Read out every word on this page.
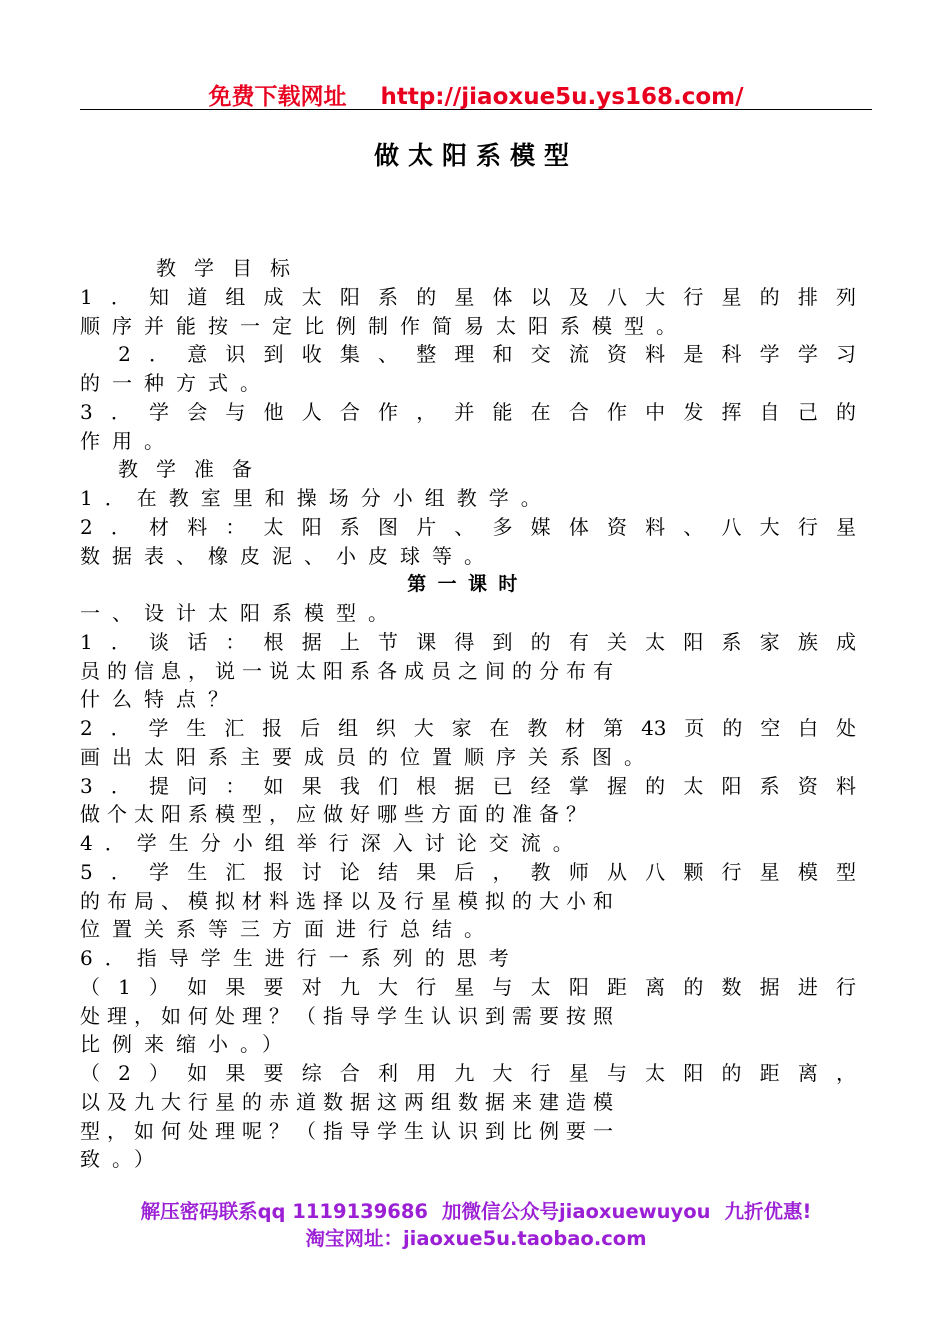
免费下载网址 http://jiaoxue5u.ys168.com/
做太阳系模型
　　教学目标
1．知道组成太阳系的星体以及八大行星的排列
顺序并能按一定比例制作简易太阳系模型。
　2．意识到收集、整理和交流资料是科学学习
的一种方式。
3．学会与他人合作，并能在合作中发挥自己的
作用。
　教学准备
1．在教室里和操场分小组教学。
2．材料：太阳系图片、多媒体资料、八大行星
数据表、橡皮泥、小皮球等。
第一课时
一、设计太阳系模型。
1．谈话：根据上节课得到的有关太阳系家族成
员的信息，说一说太阳系各成员之间的分布有
什么特点？
2．学生汇报后组织大家在教材第43页的空白处
画出太阳系主要成员的位置顺序关系图。
3．提问：如果我们根据已经掌握的太阳系资料
做个太阳系模型，应做好哪些方面的准备？
4．学生分小组举行深入讨论交流。
5．学生汇报讨论结果后，教师从八颗行星模型
的布局、模拟材料选择以及行星模拟的大小和
位置关系等三方面进行总结。
6．指导学生进行一系列的思考
（1）如果要对九大行星与太阳距离的数据进行
处理，如何处理？（指导学生认识到需要按照
比例来缩小。）
（2）如果要综合利用九大行星与太阳的距离，
以及九大行星的赤道数据这两组数据来建造模
型，如何处理呢？（指导学生认识到比例要一
致。）
解压密码联系qq 1119139686 加微信公众号jiaoxuewuyou 九折优惠!
淘宝网址：jiaoxue5u.taobao.com
